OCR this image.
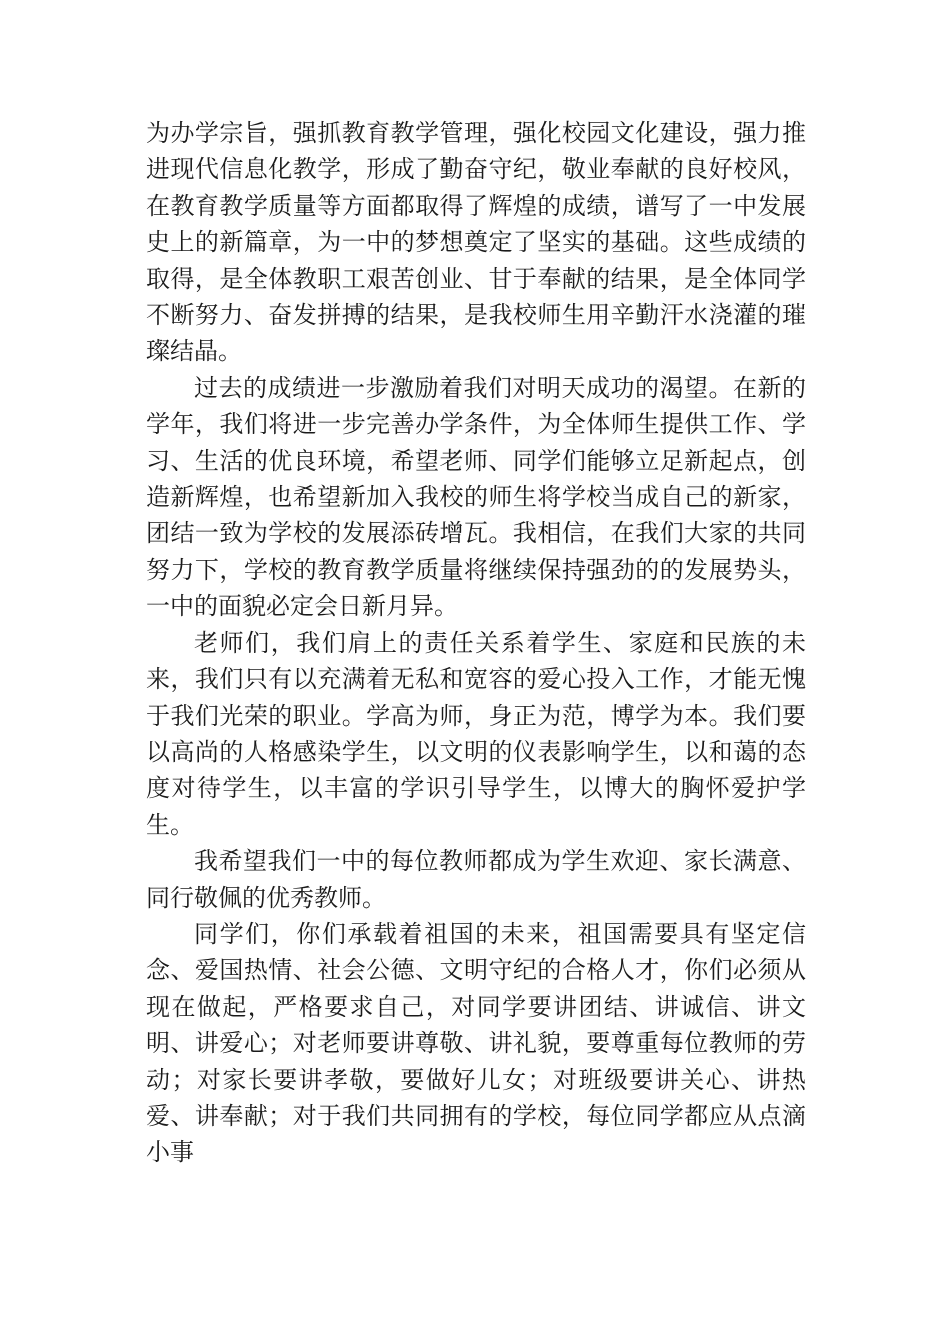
为办学宗旨，强抓教育教学管理，强化校园文化建设，强力推进现代信息化教学，形成了勤奋守纪，敬业奉献的良好校风，在教育教学质量等方面都取得了辉煌的成绩，谱写了一中发展史上的新篇章，为一中的梦想奠定了坚实的基础。这些成绩的取得，是全体教职工艰苦创业、甘于奉献的结果，是全体同学不断努力、奋发拼搏的结果，是我校师生用辛勤汗水浇灌的璀璨结晶。

过去的成绩进一步激励着我们对明天成功的渴望。在新的学年，我们将进一步完善办学条件，为全体师生提供工作、学习、生活的优良环境，希望老师、同学们能够立足新起点，创造新辉煌，也希望新加入我校的师生将学校当成自己的新家，团结一致为学校的发展添砖增瓦。我相信，在我们大家的共同努力下，学校的教育教学质量将继续保持强劲的的发展势头，一中的面貌必定会日新月异。

老师们，我们肩上的责任关系着学生、家庭和民族的未来，我们只有以充满着无私和宽容的爱心投入工作，才能无愧于我们光荣的职业。学高为师，身正为范，博学为本。我们要以高尚的人格感染学生，以文明的仪表影响学生，以和蔼的态度对待学生，以丰富的学识引导学生，以博大的胸怀爱护学生。

我希望我们一中的每位教师都成为学生欢迎、家长满意、同行敬佩的优秀教师。

同学们，你们承载着祖国的未来，祖国需要具有坚定信念、爱国热情、社会公德、文明守纪的合格人才，你们必须从现在做起，严格要求自己，对同学要讲团结、讲诚信、讲文明、讲爱心；对老师要讲尊敬、讲礼貌，要尊重每位教师的劳动；对家长要讲孝敬，要做好儿女；对班级要讲关心、讲热爱、讲奉献；对于我们共同拥有的学校，每位同学都应从点滴小事
